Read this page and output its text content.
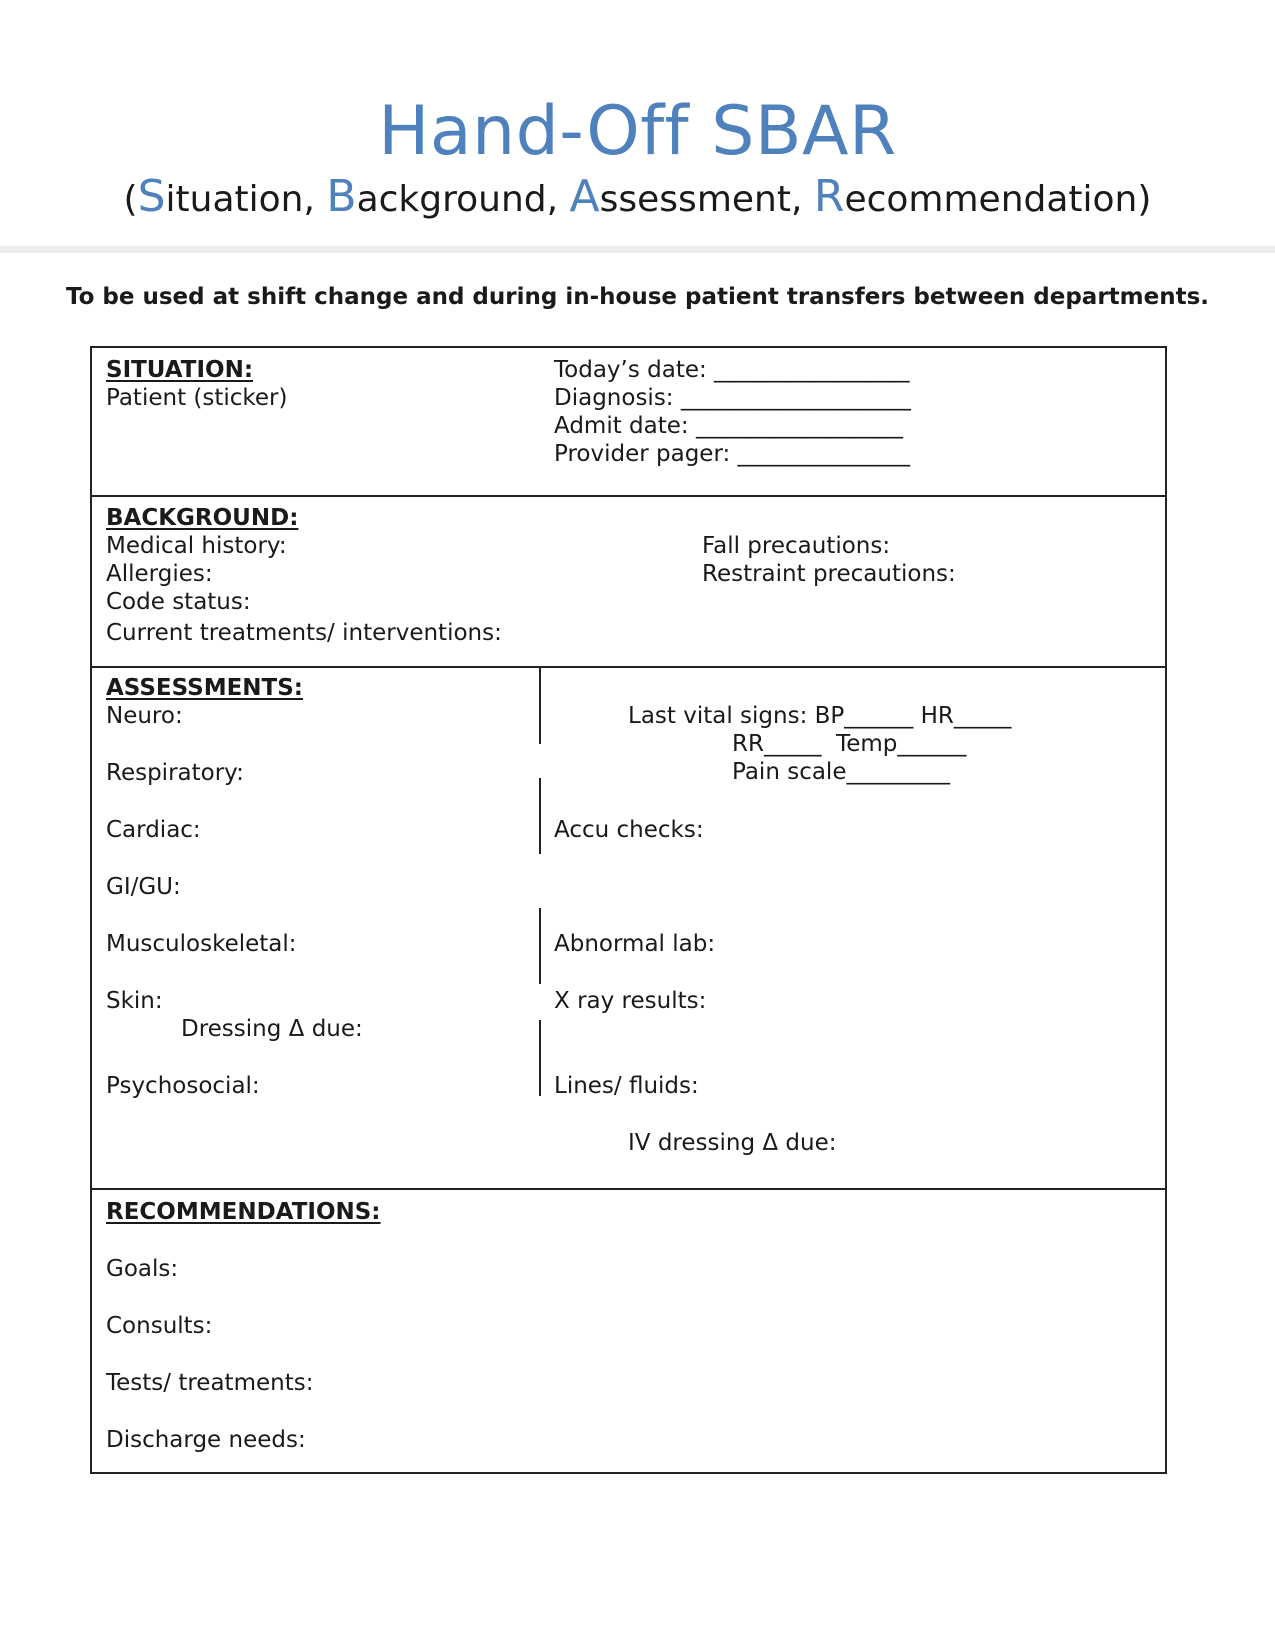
Hand-Off SBAR
(Situation, Background, Assessment, Recommendation)
To be used at shift change and during in-house patient transfers between departments.
SITUATION:
Patient (sticker)
Today’s date: _________________
Diagnosis: ____________________
Admit date: __________________
Provider pager: _______________
BACKGROUND:
Medical history:
Allergies:
Code status:
Current treatments/ interventions:
Fall precautions:
Restraint precautions:
ASSESSMENTS:
Neuro:
Respiratory:
Cardiac:
GI/GU:
Musculoskeletal:
Skin:
Dressing Δ due:
Psychosocial:
Last vital signs: BP______ HR_____
RR_____  Temp______
Pain scale_________
Accu checks:
Abnormal lab:
X ray results:
Lines/ fluids:
IV dressing Δ due:
RECOMMENDATIONS:
Goals:
Consults:
Tests/ treatments:
Discharge needs:
